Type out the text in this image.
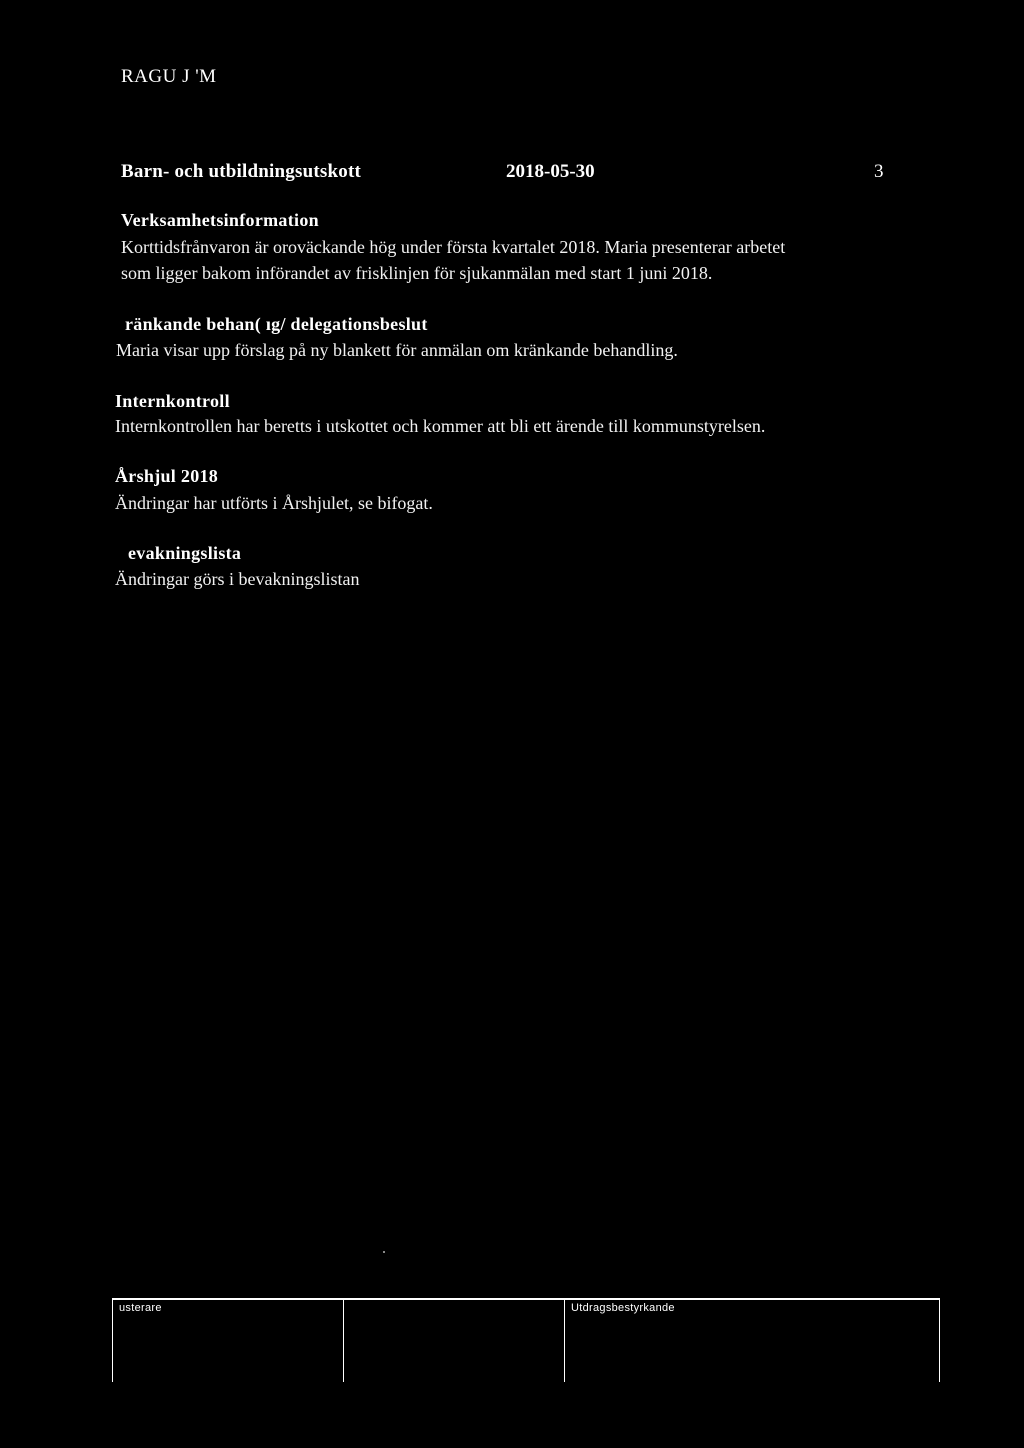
RAGU J 'M
Barn- och utbildningsutskott	2018-05-30	3
Verksamhetsinformation
Korttidsfrånvaron är oroväckande hög under första kvartalet 2018. Maria presenterar arbetet
som ligger bakom införandet av frisklinjen för sjukanmälan med start 1 juni 2018.
ränkande behan( ıg/ delegationsbeslut
Maria visar upp förslag på ny blankett för anmälan om kränkande behandling.
Internkontroll
Internkontrollen har beretts i utskottet och kommer att bli ett ärende till kommunstyrelsen.
Årshjul 2018
Ändringar har utförts i Årshjulet, se bifogat.
evakningslista
Ändringar görs i bevakningslistan
usterare		Utdragsbestyrkande
